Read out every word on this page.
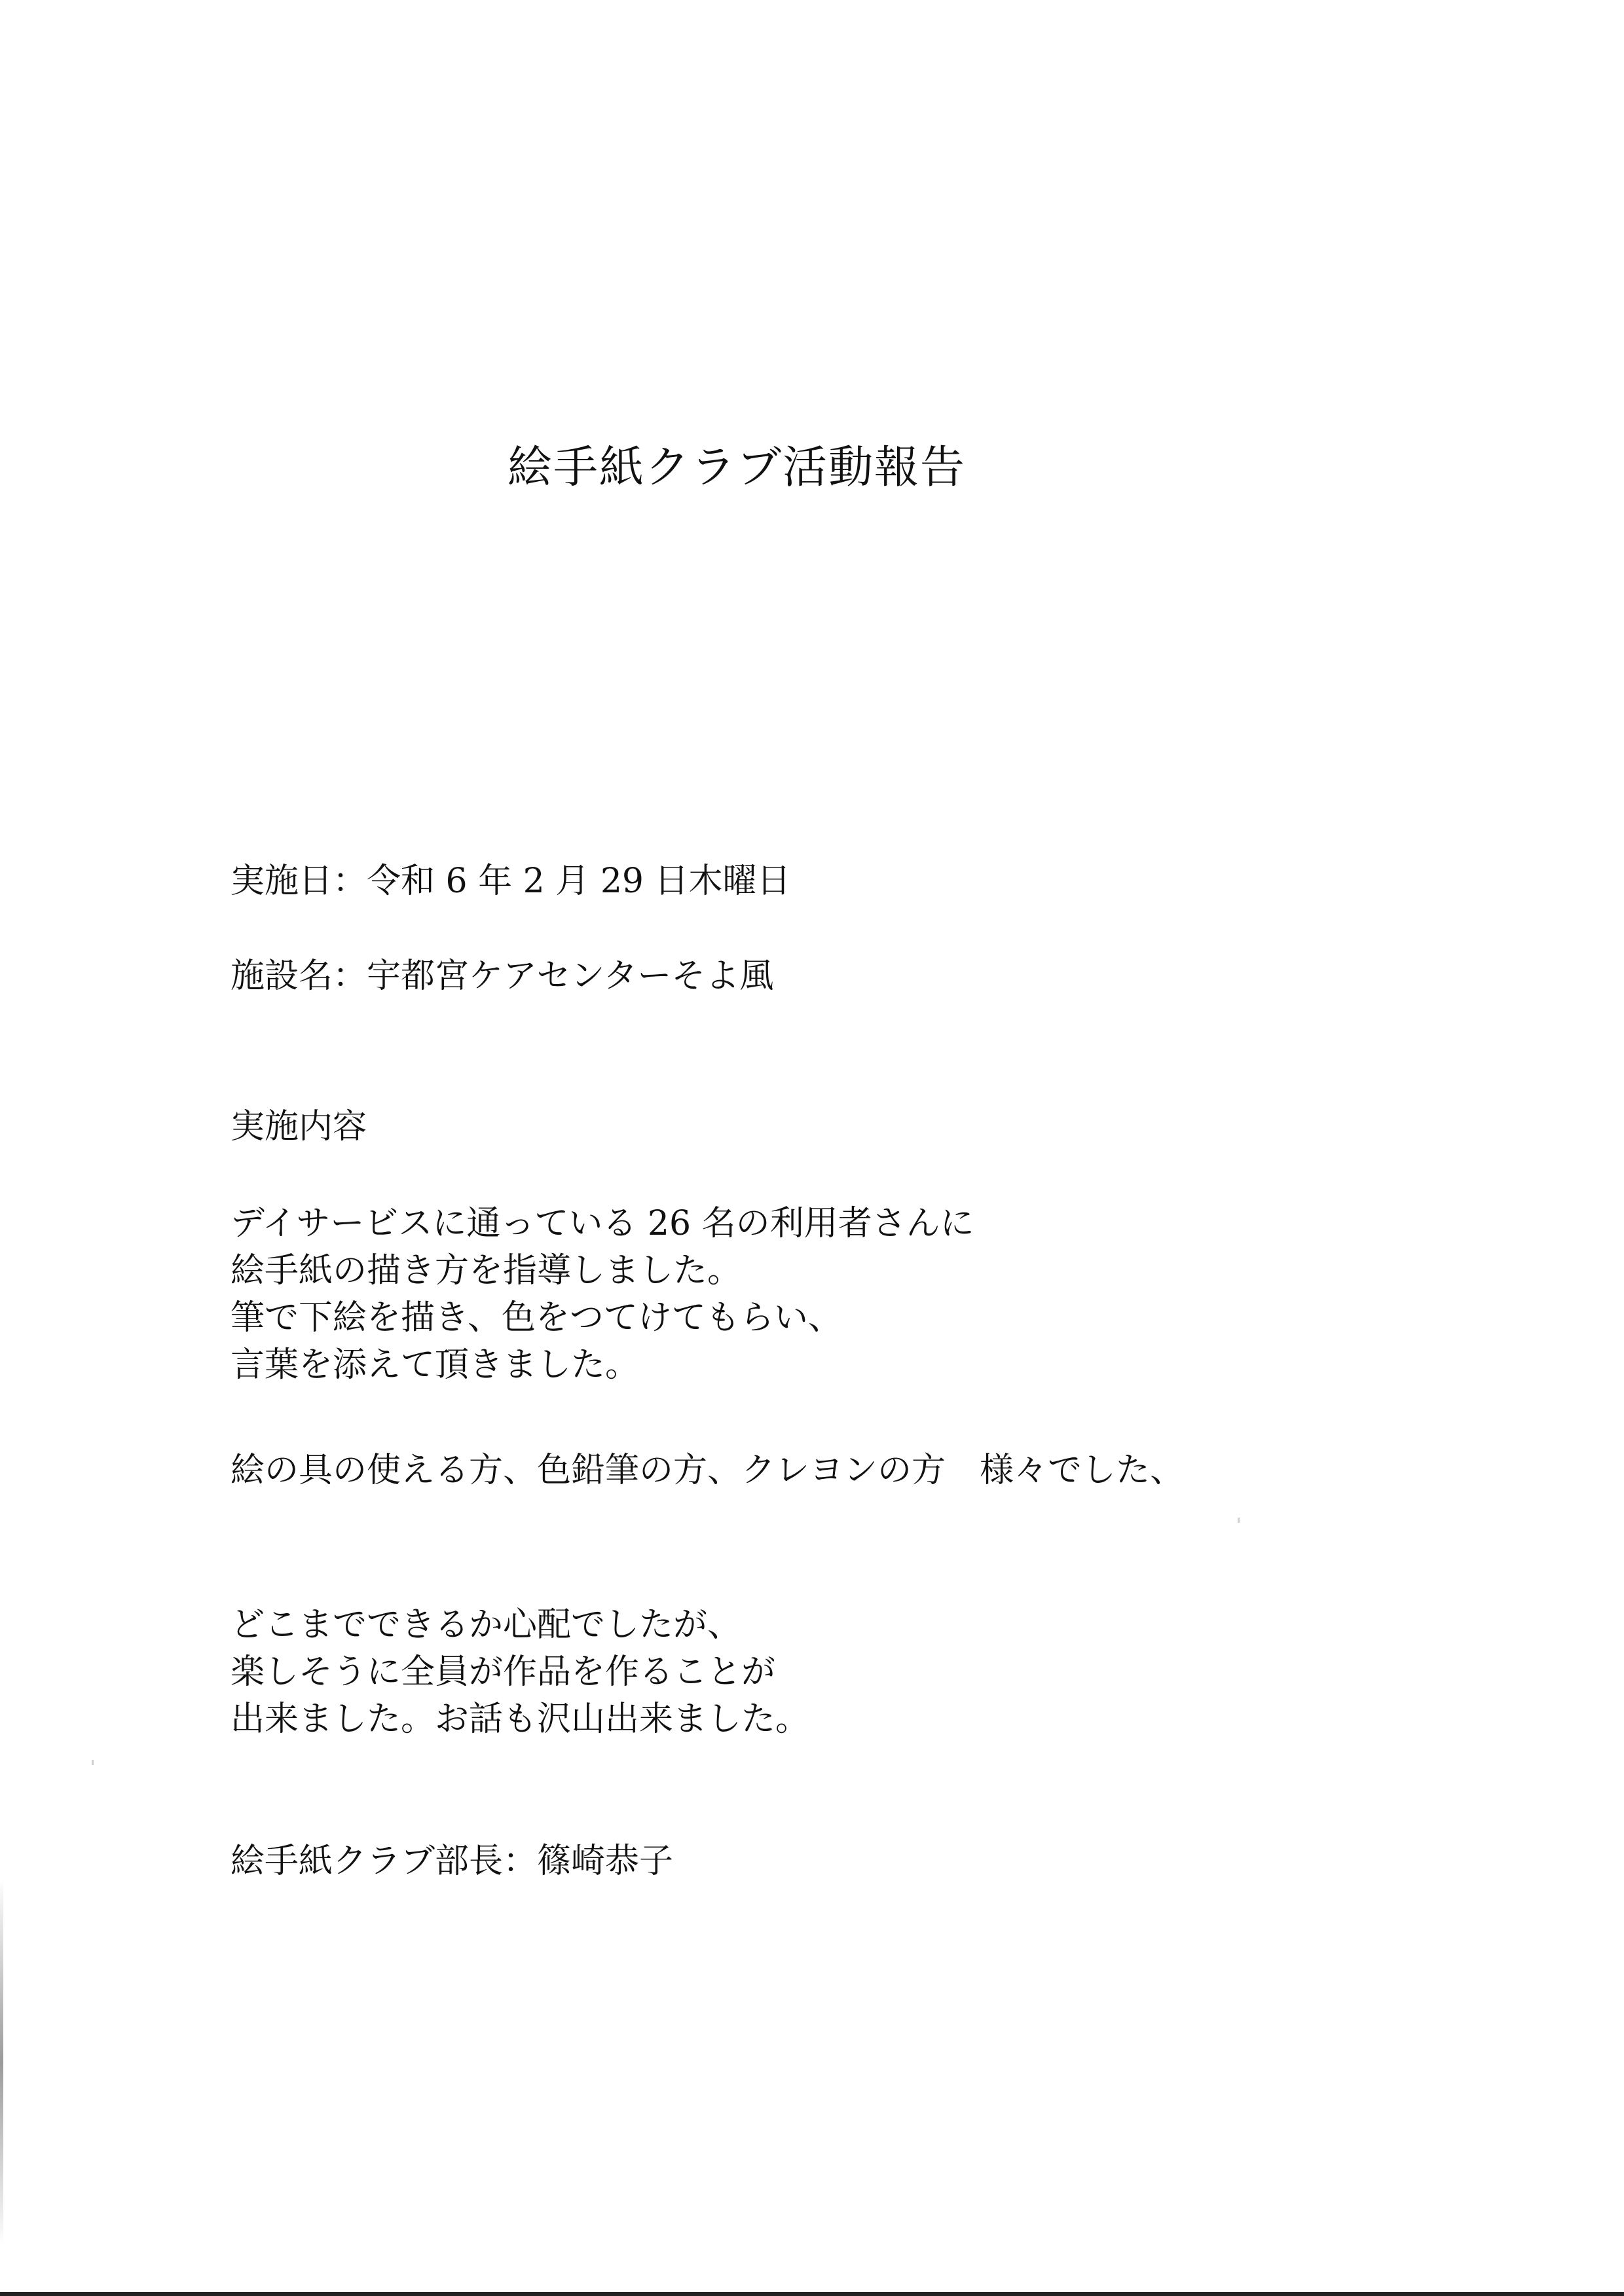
絵手紙クラブ活動報告

実施日：令和 6 年 2 月 29 日木曜日

施設名：宇都宮ケアセンターそよ風

実施内容

デイサービスに通っている 26 名の利用者さんに

絵手紙の描き方を指導しました。

筆で下絵を描き、色をつてけてもらい、

言葉を添えて頂きました。

絵の具の使える方、色鉛筆の方、クレヨンの方　様々でした、

どこまでできるか心配でしたが、

楽しそうに全員が作品を作ることが

出来ました。お話も沢山出来ました。

絵手紙クラブ部長：篠崎恭子
